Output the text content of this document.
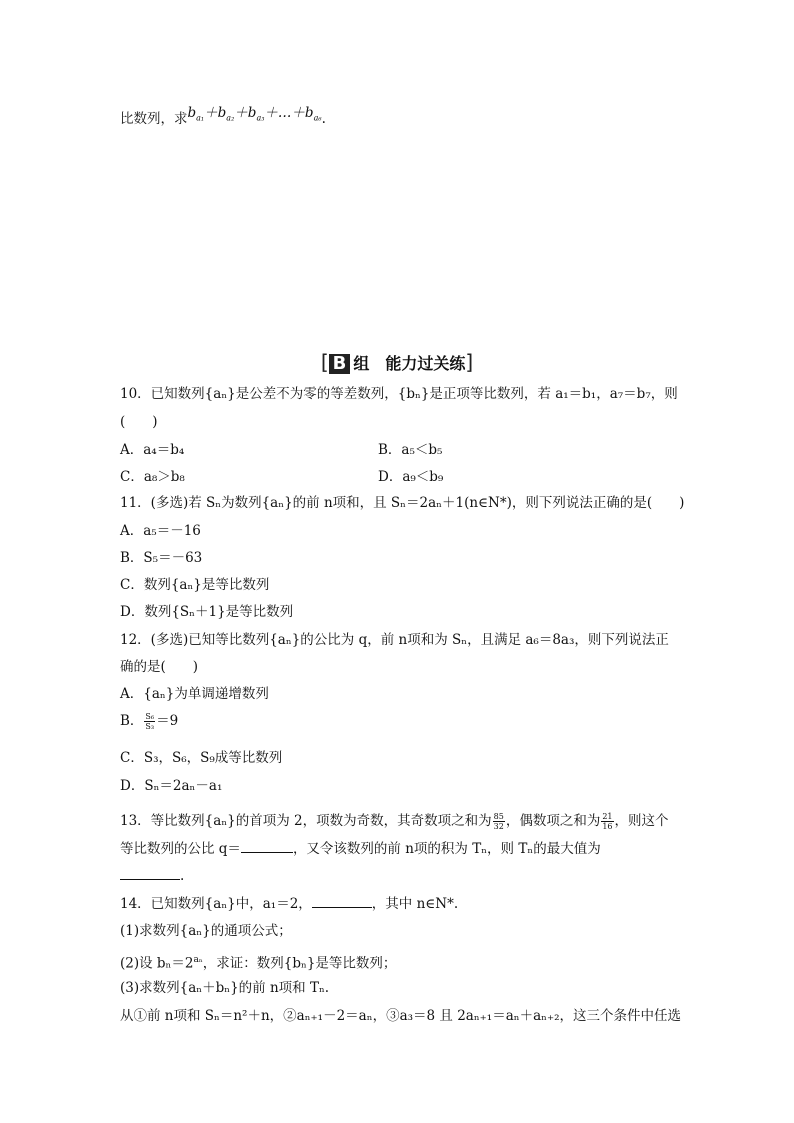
比数列，求$b_{a_1}+b_{a_2}+b_{a_3}+\dots+b_{a_6}$.
[ B 组　能力过关练]
10．已知数列{aₙ}是公差不为零的等差数列，{bₙ}是正项等比数列，若 a₁＝b₁，a₇＝b₇，则
(　　)
A．a₄＝b₄	B．a₅＜b₅
C．a₈＞b₈	D．a₉＜b₉
11．(多选)若 Sₙ为数列{aₙ}的前 n项和，且 Sₙ＝2aₙ＋1(n∈N*)，则下列说法正确的是(　　)
A．a₅＝－16
B．S₅＝－63
C．数列{aₙ}是等比数列
D．数列{Sₙ＋1}是等比数列
12．(多选)已知等比数列{aₙ}的公比为 q，前 n项和为 Sₙ，且满足 a₆＝8a₃，则下列说法正
确的是(　　)
A．{aₙ}为单调递增数列
B． $\frac{\text{S₆}}{\text{S₃}} =9$
C．S₃，S₆，S₉成等比数列
D．Sₙ＝2aₙ－a₁
13．等比数列{aₙ}的首项为 2，项数为奇数，其奇数项之和为 $\frac{85}{32}$ ，偶数项之和为 $\frac{21}{16}$ ，则这个
等比数列的公比 q＝	，又令该数列的前 n项的积为 Tₙ，则 Tₙ的最大值为
.
14．已知数列{aₙ}中，a₁＝2，	，其中 n∈N*.
(1)求数列{aₙ}的通项公式；
(2)设 $b_n=2^{a_n}$，求证：数列{bₙ}是等比数列；
(3)求数列{aₙ＋bₙ}的前 n项和 Tₙ.
从①前 n项和 Sₙ＝n²＋n，②aₙ₊₁－2＝aₙ，③a₃＝8 且 2aₙ₊₁＝aₙ＋aₙ₊₂，这三个条件中任选
